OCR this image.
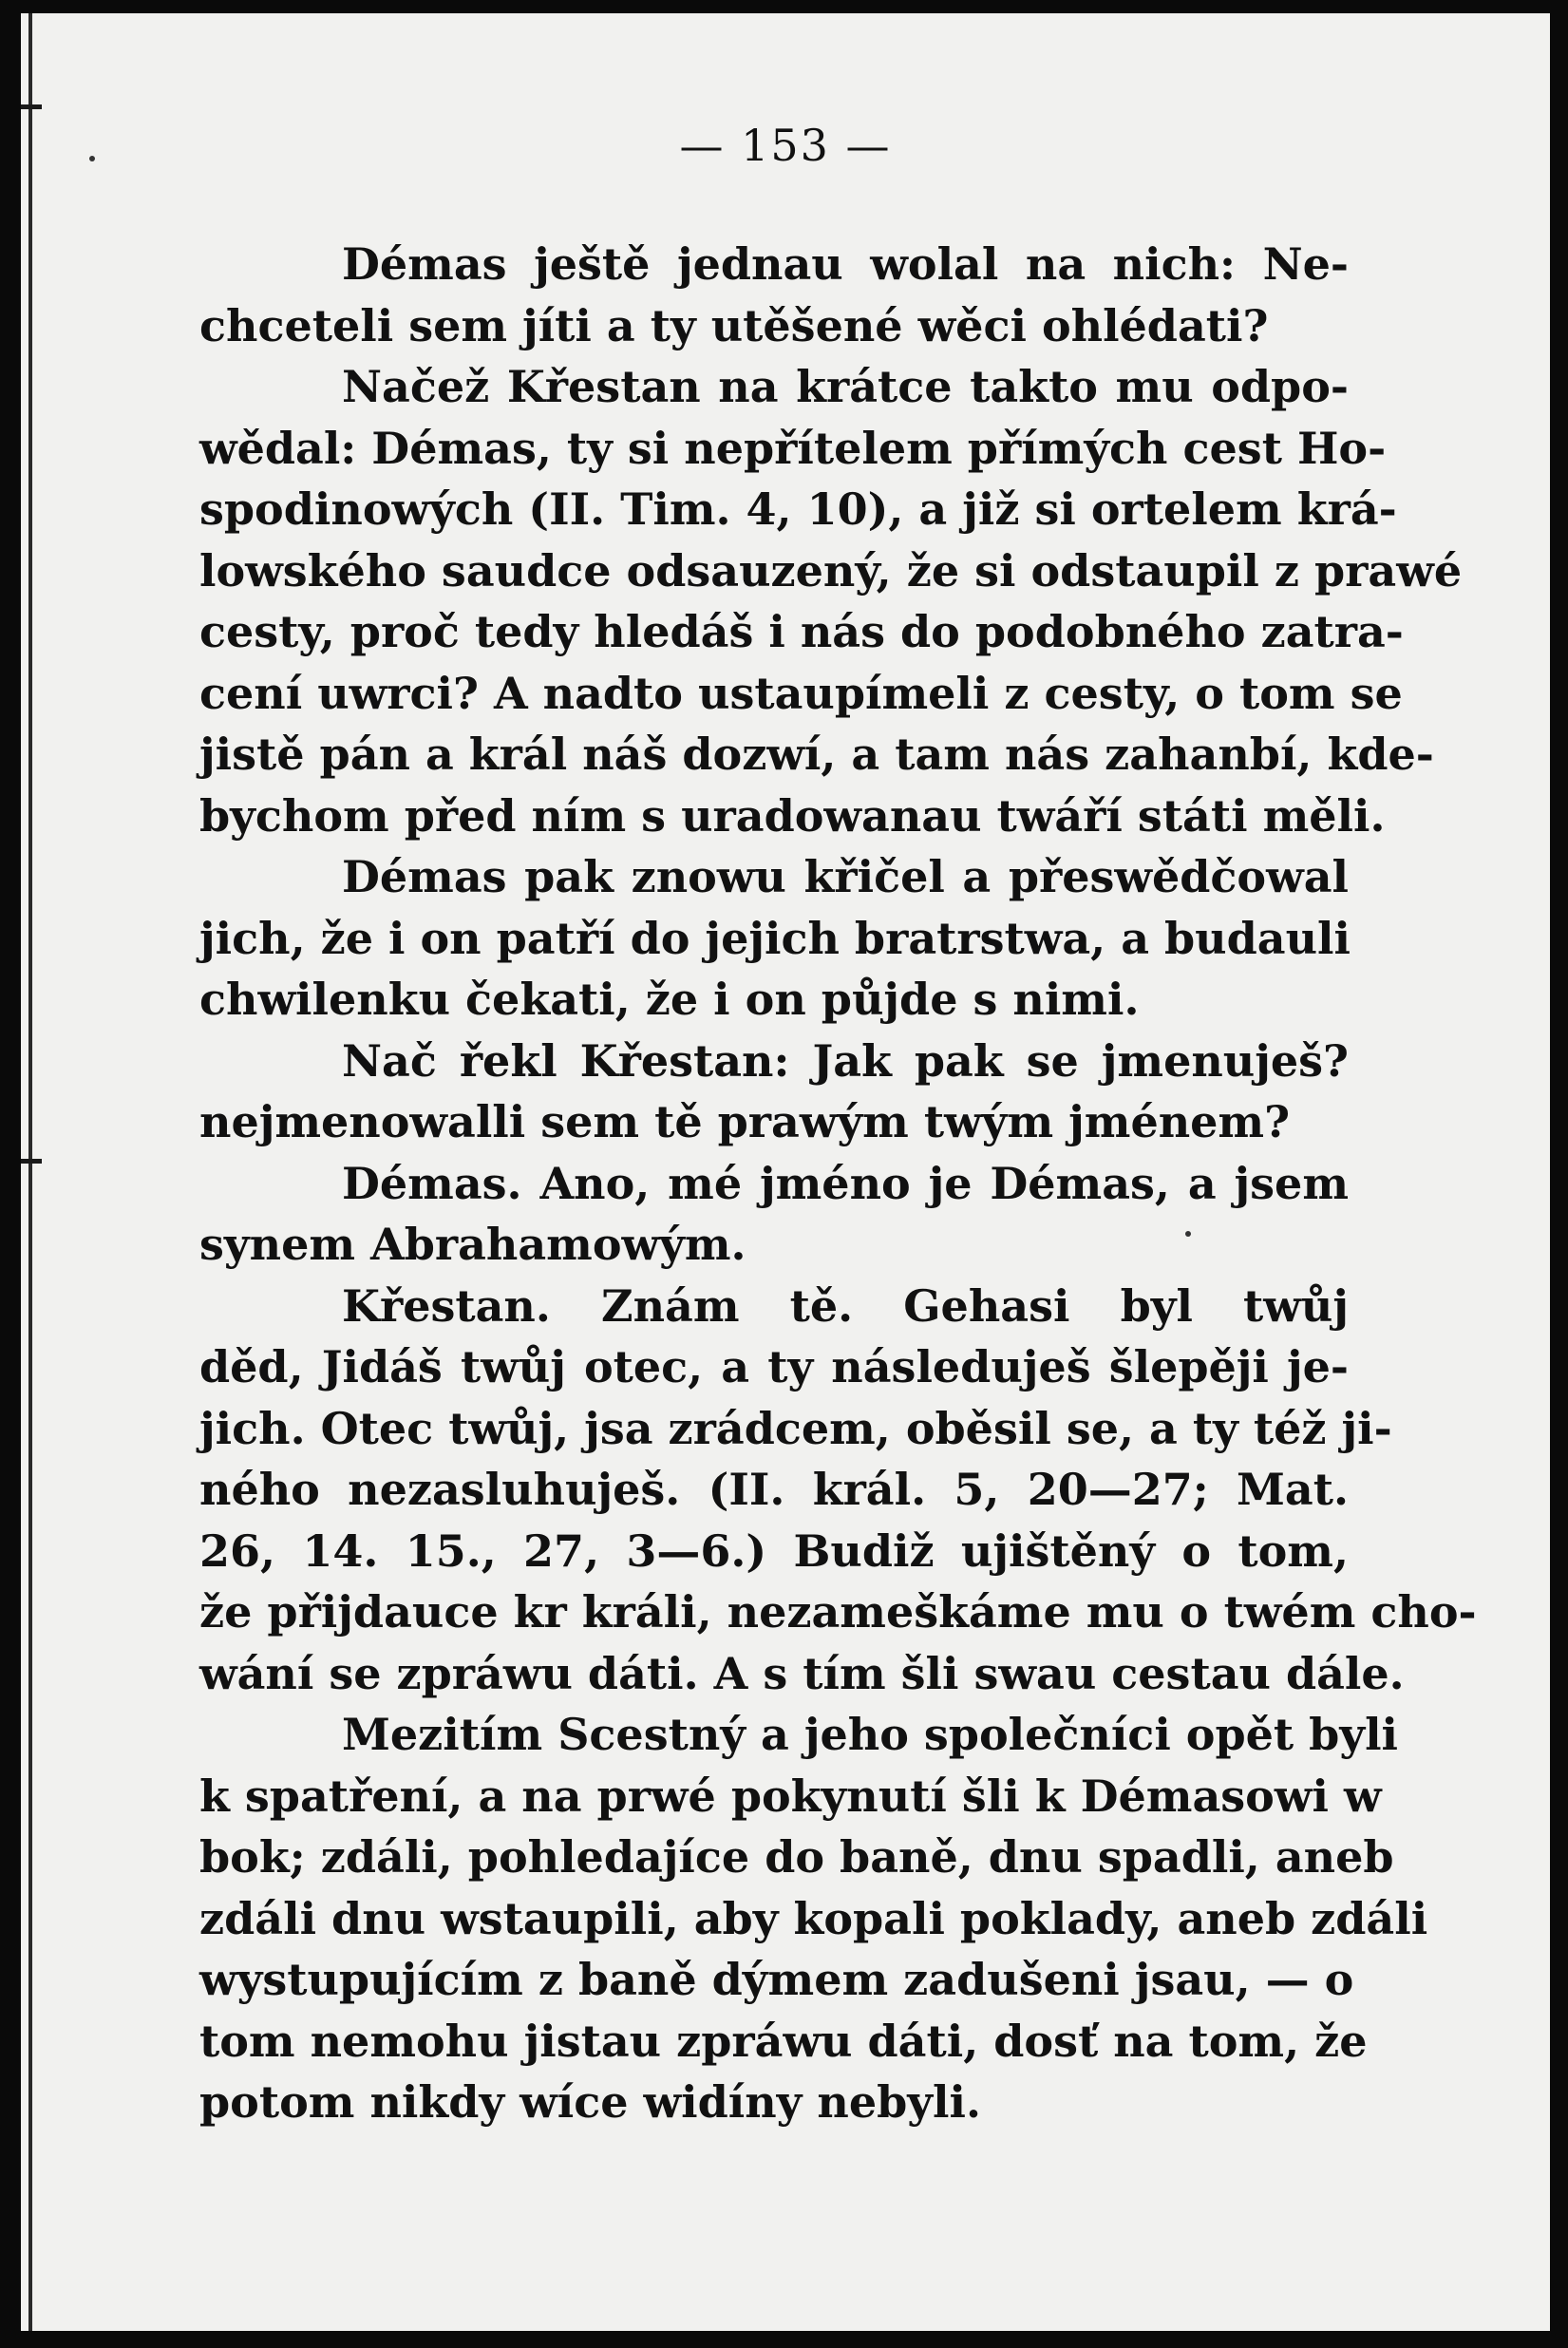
— 153 —
Démas ještě jednau wolal na nich: Ne-
chceteli sem jíti a ty utěšené wěci ohlédati?
Načež Křestan na krátce takto mu odpo-
wědal: Démas, ty si nepřítelem přímých cest Ho-
spodinowých (II. Tim. 4, 10), a již si ortelem krá-
lowského saudce odsauzený, že si odstaupil z prawé
cesty, proč tedy hledáš i nás do podobného zatra-
cení uwrci? A nadto ustaupímeli z cesty, o tom se
jistě pán a král náš dozwí, a tam nás zahanbí, kde-
bychom před ním s uradowanau twáří státi měli.
Démas pak znowu křičel a přeswědčowal
jich, že i on patří do jejich bratrstwa, a budauli
chwilenku čekati, že i on půjde s nimi.
Nač řekl Křestan: Jak pak se jmenuješ?
nejmenowalli sem tě prawým twým jménem?
Démas. Ano, mé jméno je Démas, a jsem
synem Abrahamowým.
Křestan. Znám tě. Gehasi byl twůj
děd, Jidáš twůj otec, a ty následuješ šlepěji je-
jich. Otec twůj, jsa zrádcem, oběsil se, a ty též ji-
ného nezasluhuješ. (II. král. 5, 20—27; Mat.
26, 14. 15., 27, 3—6.) Budiž ujištěný o tom,
že přijdauce kr králi, nezameškáme mu o twém cho-
wání se zpráwu dáti. A s tím šli swau cestau dále.
Mezitím Scestný a jeho společníci opět byli
k spatření, a na prwé pokynutí šli k Démasowi w
bok; zdáli, pohledajíce do baně, dnu spadli, aneb
zdáli dnu wstaupili, aby kopali poklady, aneb zdáli
wystupujícím z baně dýmem zadušeni jsau, — o
tom nemohu jistau zpráwu dáti, dosť na tom, že
potom nikdy wíce widíny nebyli.
